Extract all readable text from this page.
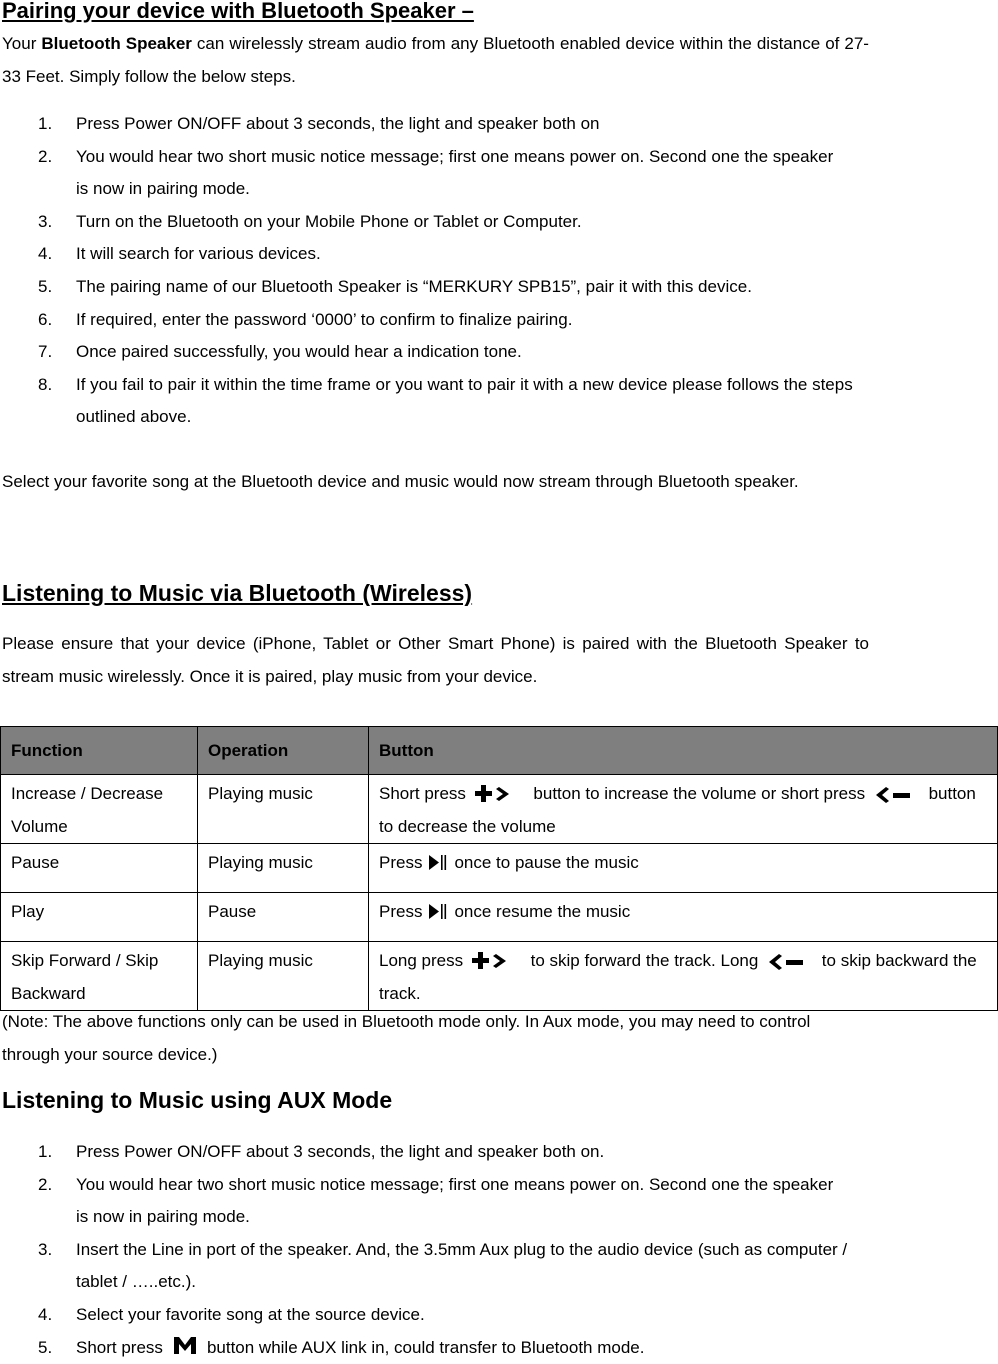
Pairing your device with Bluetooth Speaker –

Your Bluetooth Speaker can wirelessly stream audio from any Bluetooth enabled device within the distance of 27-33 Feet. Simply follow the below steps.

1. Press Power ON/OFF about 3 seconds, the light and speaker both on
2. You would hear two short music notice message; first one means power on. Second one the speaker is now in pairing mode.
3. Turn on the Bluetooth on your Mobile Phone or Tablet or Computer.
4. It will search for various devices.
5. The pairing name of our Bluetooth Speaker is “MERKURY SPB15”, pair it with this device.
6. If required, enter the password ‘0000’ to confirm to finalize pairing.
7. Once paired successfully, you would hear a indication tone.
8. If you fail to pair it within the time frame or you want to pair it with a new device please follows the steps outlined above.

Select your favorite song at the Bluetooth device and music would now stream through Bluetooth speaker.

Listening to Music via Bluetooth (Wireless)

Please ensure that your device (iPhone, Tablet or Other Smart Phone) is paired with the Bluetooth Speaker to stream music wirelessly. Once it is paired, play music from your device.

Function	Operation	Button
Increase / Decrease Volume	Playing music	Short press button to increase the volume or short press button to decrease the volume
Pause	Playing music	Press once to pause the music
Play	Pause	Press once resume the music
Skip Forward / Skip Backward	Playing music	Long press to skip forward the track. Long to skip backward the track.
(Note: The above functions only can be used in Bluetooth mode only. In Aux mode, you may need to control through your source device.)
Listening to Music using AUX Mode
1. Press Power ON/OFF about 3 seconds, the light and speaker both on.
2. You would hear two short music notice message; first one means power on. Second one the speaker is now in pairing mode.
3. Insert the Line in port of the speaker. And, the 3.5mm Aux plug to the audio device (such as computer / tablet / …..etc.).
4. Select your favorite song at the source device.
5. Short press	button while AUX link in, could transfer to Bluetooth mode.
